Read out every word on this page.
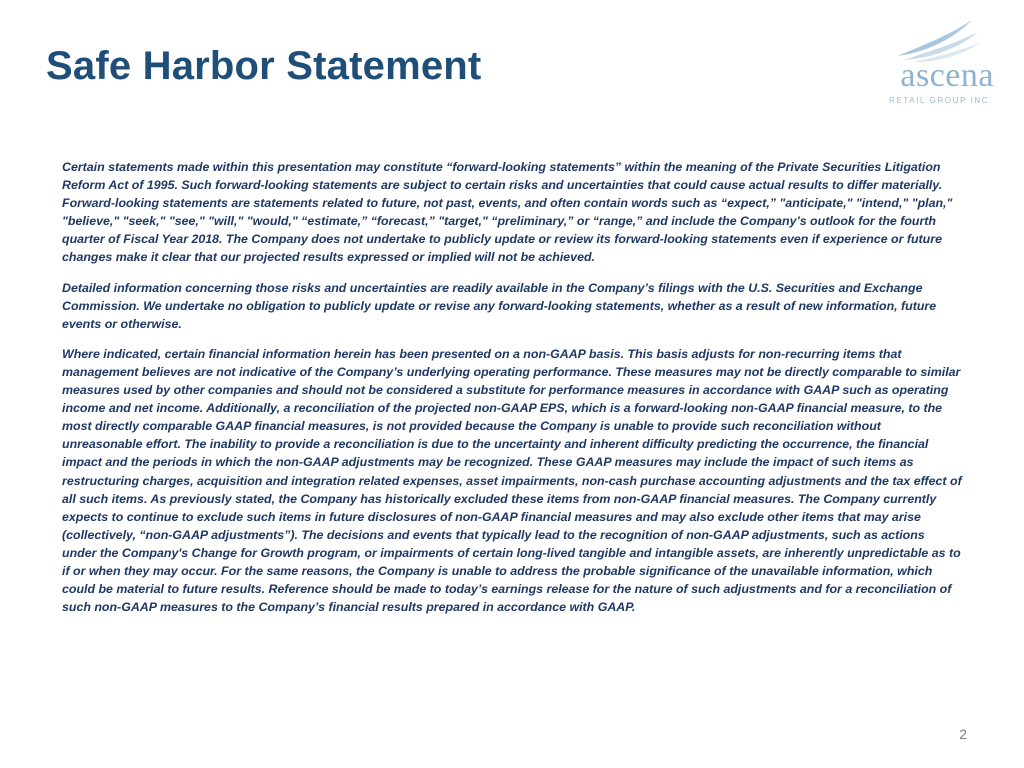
Safe Harbor Statement	ascena
RETAIL GROUP INC.

Certain statements made within this presentation may constitute “forward-looking statements” within the meaning of the Private Securities Litigation Reform Act of 1995. Such forward-looking statements are subject to certain risks and uncertainties that could cause actual results to differ materially. Forward-looking statements are statements related to future, not past, events, and often contain words such as “expect,” "anticipate," "intend," "plan," "believe," "seek," "see," "will," "would," “estimate,” “forecast,” "target," “preliminary,” or “range,” and include the Company’s outlook for the fourth quarter of Fiscal Year 2018. The Company does not undertake to publicly update or review its forward-looking statements even if experience or future changes make it clear that our projected results expressed or implied will not be achieved.

Detailed information concerning those risks and uncertainties are readily available in the Company’s filings with the U.S. Securities and Exchange Commission. We undertake no obligation to publicly update or revise any forward-looking statements, whether as a result of new information, future events or otherwise.

Where indicated, certain financial information herein has been presented on a non-GAAP basis. This basis adjusts for non-recurring items that management believes are not indicative of the Company’s underlying operating performance. These measures may not be directly comparable to similar measures used by other companies and should not be considered a substitute for performance measures in accordance with GAAP such as operating income and net income. Additionally, a reconciliation of the projected non-GAAP EPS, which is a forward-looking non-GAAP financial measure, to the most directly comparable GAAP financial measures, is not provided because the Company is unable to provide such reconciliation without unreasonable effort. The inability to provide a reconciliation is due to the uncertainty and inherent difficulty predicting the occurrence, the financial impact and the periods in which the non-GAAP adjustments may be recognized. These GAAP measures may include the impact of such items as restructuring charges, acquisition and integration related expenses, asset impairments, non-cash purchase accounting adjustments and the tax effect of all such items. As previously stated, the Company has historically excluded these items from non-GAAP financial measures. The Company currently expects to continue to exclude such items in future disclosures of non-GAAP financial measures and may also exclude other items that may arise (collectively, “non-GAAP adjustments”). The decisions and events that typically lead to the recognition of non-GAAP adjustments, such as actions under the Company's Change for Growth program, or impairments of certain long-lived tangible and intangible assets, are inherently unpredictable as to if or when they may occur. For the same reasons, the Company is unable to address the probable significance of the unavailable information, which could be material to future results. Reference should be made to today’s earnings release for the nature of such adjustments and for a reconciliation of such non-GAAP measures to the Company’s financial results prepared in accordance with GAAP.

2
